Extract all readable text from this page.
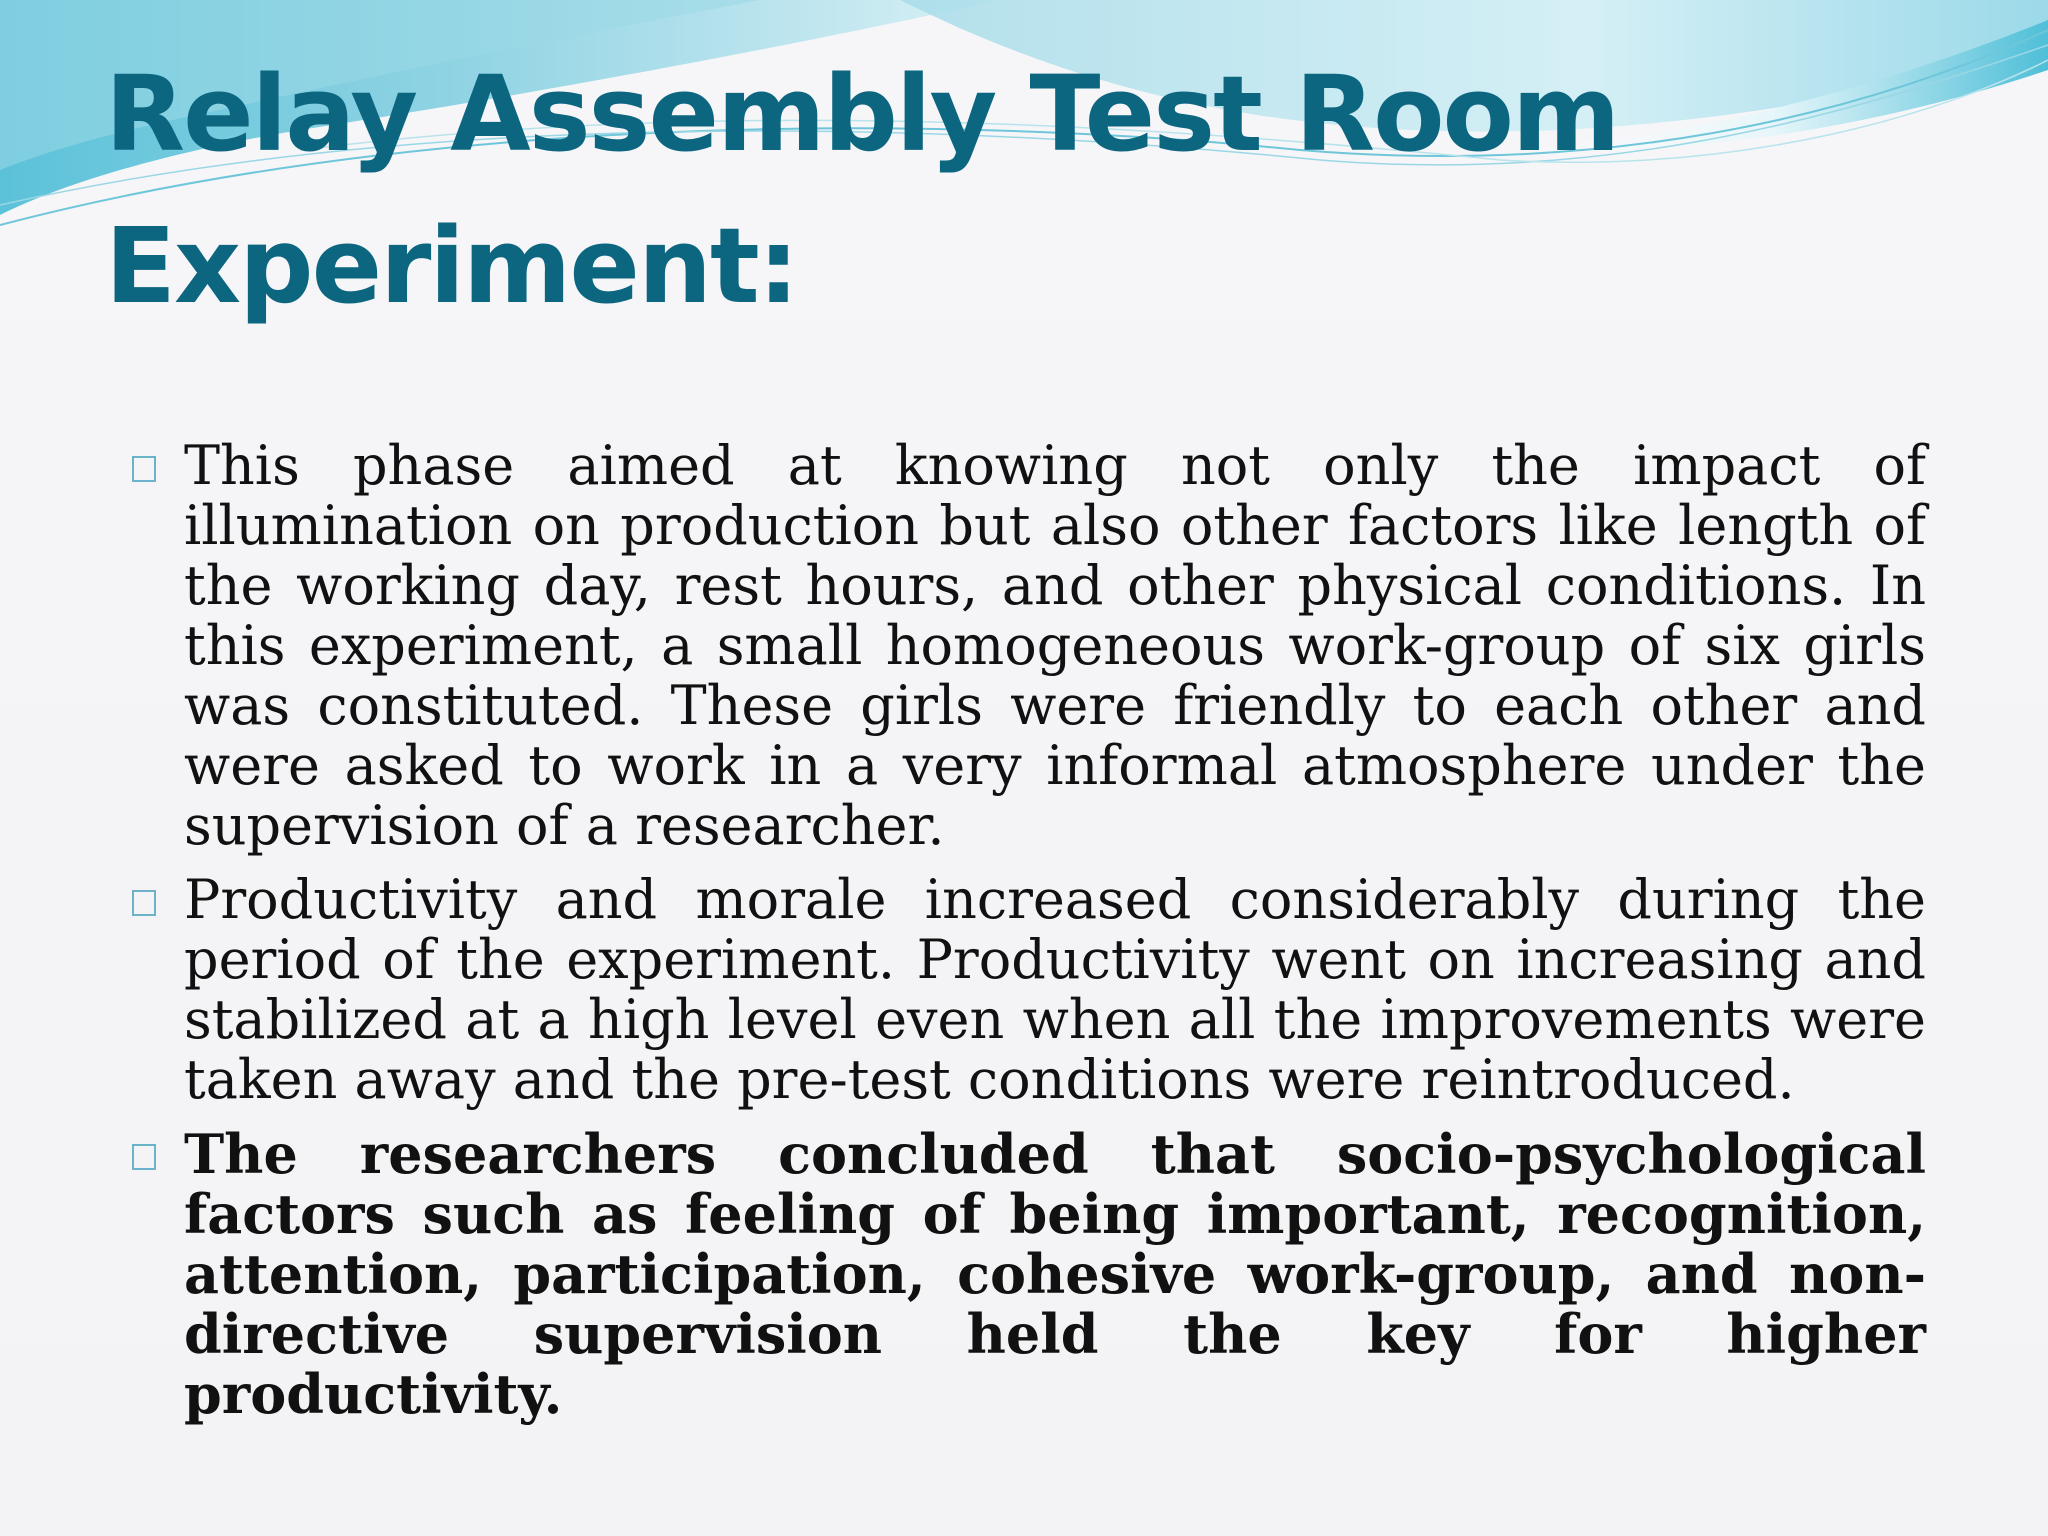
Relay Assembly Test Room
Experiment:
This phase aimed at knowing not only the impact of illumination on production but also other factors like length of the working day, rest hours, and other physical conditions. In this experiment, a small homogeneous work-group of six girls was constituted. These girls were friendly to each other and were asked to work in a very informal atmosphere under the supervision of a researcher.
Productivity and morale increased considerably during the period of the experiment. Productivity went on increasing and stabilized at a high level even when all the improvements were taken away and the pre-test conditions were reintroduced.
The researchers concluded that socio-psychological factors such as feeling of being important, recognition, attention, participation, cohesive work-group, and non-directive supervision held the key for higher productivity.
